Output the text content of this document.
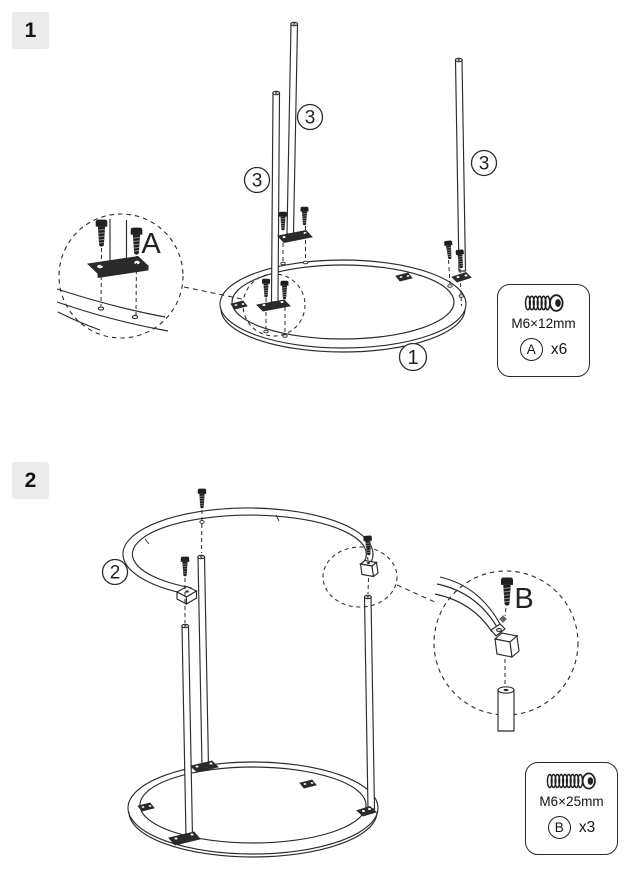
1
2
A
3
3
3
1
B
2
M6×12mm
A x6
M6×25mm
B x3
